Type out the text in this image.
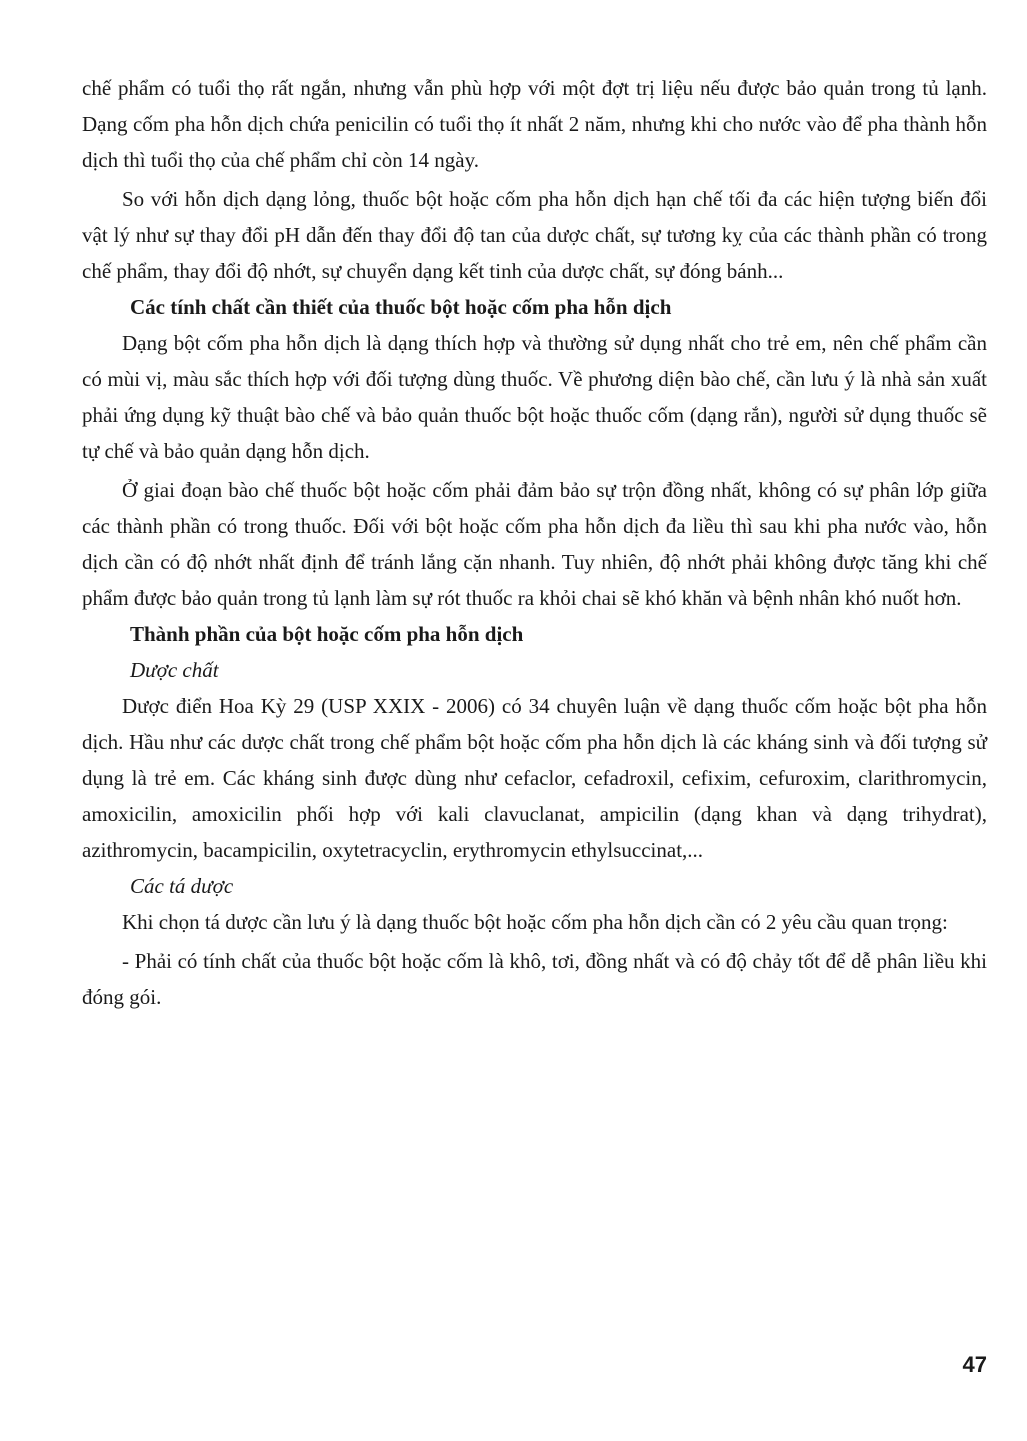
chế phẩm có tuổi thọ rất ngắn, nhưng vẫn phù hợp với một đợt trị liệu nếu được bảo quản trong tủ lạnh. Dạng cốm pha hỗn dịch chứa penicilin có tuổi thọ ít nhất 2 năm, nhưng khi cho nước vào để pha thành hỗn dịch thì tuổi thọ của chế phẩm chỉ còn 14 ngày.

So với hỗn dịch dạng lỏng, thuốc bột hoặc cốm pha hỗn dịch hạn chế tối đa các hiện tượng biến đổi vật lý như sự thay đổi pH dẫn đến thay đổi độ tan của dược chất, sự tương kỵ của các thành phần có trong chế phẩm, thay đổi độ nhớt, sự chuyển dạng kết tinh của dược chất, sự đóng bánh...

Các tính chất cần thiết của thuốc bột hoặc cốm pha hỗn dịch

Dạng bột cốm pha hỗn dịch là dạng thích hợp và thường sử dụng nhất cho trẻ em, nên chế phẩm cần có mùi vị, màu sắc thích hợp với đối tượng dùng thuốc. Về phương diện bào chế, cần lưu ý là nhà sản xuất phải ứng dụng kỹ thuật bào chế và bảo quản thuốc bột hoặc thuốc cốm (dạng rắn), người sử dụng thuốc sẽ tự chế và bảo quản dạng hỗn dịch.

Ở giai đoạn bào chế thuốc bột hoặc cốm phải đảm bảo sự trộn đồng nhất, không có sự phân lớp giữa các thành phần có trong thuốc. Đối với bột hoặc cốm pha hỗn dịch đa liều thì sau khi pha nước vào, hỗn dịch cần có độ nhớt nhất định để tránh lắng cặn nhanh. Tuy nhiên, độ nhớt phải không được tăng khi chế phẩm được bảo quản trong tủ lạnh làm sự rót thuốc ra khỏi chai sẽ khó khăn và bệnh nhân khó nuốt hơn.

Thành phần của bột hoặc cốm pha hỗn dịch

Dược chất

Dược điển Hoa Kỳ 29 (USP XXIX - 2006) có 34 chuyên luận về dạng thuốc cốm hoặc bột pha hỗn dịch. Hầu như các dược chất trong chế phẩm bột hoặc cốm pha hỗn dịch là các kháng sinh và đối tượng sử dụng là trẻ em. Các kháng sinh được dùng như cefaclor, cefadroxil, cefixim, cefuroxim, clarithromycin, amoxicilin, amoxicilin phối hợp với kali clavuclanat, ampicilin (dạng khan và dạng trihydrat), azithromycin, bacampicilin, oxytetracyclin, erythromycin ethylsuccinat,...

Các tá dược

Khi chọn tá dược cần lưu ý là dạng thuốc bột hoặc cốm pha hỗn dịch cần có 2 yêu cầu quan trọng:

- Phải có tính chất của thuốc bột hoặc cốm là khô, tơi, đồng nhất và có độ chảy tốt để dễ phân liều khi đóng gói.

47
